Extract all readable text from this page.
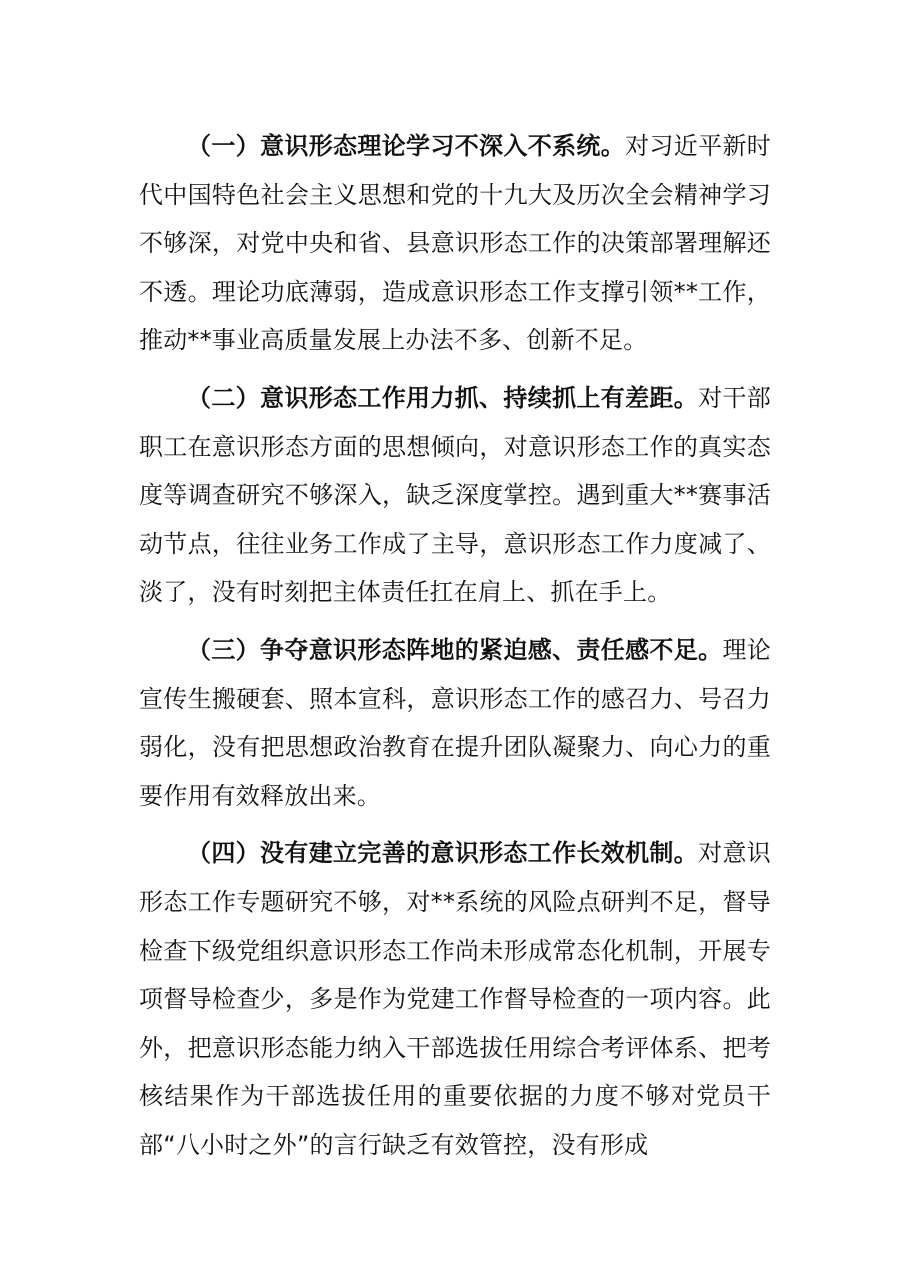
（一）意识形态理论学习不深入不系统。对习近平新时代中国特色社会主义思想和党的十九大及历次全会精神学习不够深，对党中央和省、县意识形态工作的决策部署理解还不透。理论功底薄弱，造成意识形态工作支撑引领**工作，推动**事业高质量发展上办法不多、创新不足。

（二）意识形态工作用力抓、持续抓上有差距。对干部职工在意识形态方面的思想倾向，对意识形态工作的真实态度等调查研究不够深入，缺乏深度掌控。遇到重大**赛事活动节点，往往业务工作成了主导，意识形态工作力度减了、淡了，没有时刻把主体责任扛在肩上、抓在手上。

（三）争夺意识形态阵地的紧迫感、责任感不足。理论宣传生搬硬套、照本宣科，意识形态工作的感召力、号召力弱化，没有把思想政治教育在提升团队凝聚力、向心力的重要作用有效释放出来。

（四）没有建立完善的意识形态工作长效机制。对意识形态工作专题研究不够，对**系统的风险点研判不足，督导检查下级党组织意识形态工作尚未形成常态化机制，开展专项督导检查少，多是作为党建工作督导检查的一项内容。此外，把意识形态能力纳入干部选拔任用综合考评体系、把考核结果作为干部选拔任用的重要依据的力度不够对党员干部“八小时之外”的言行缺乏有效管控，没有形成
